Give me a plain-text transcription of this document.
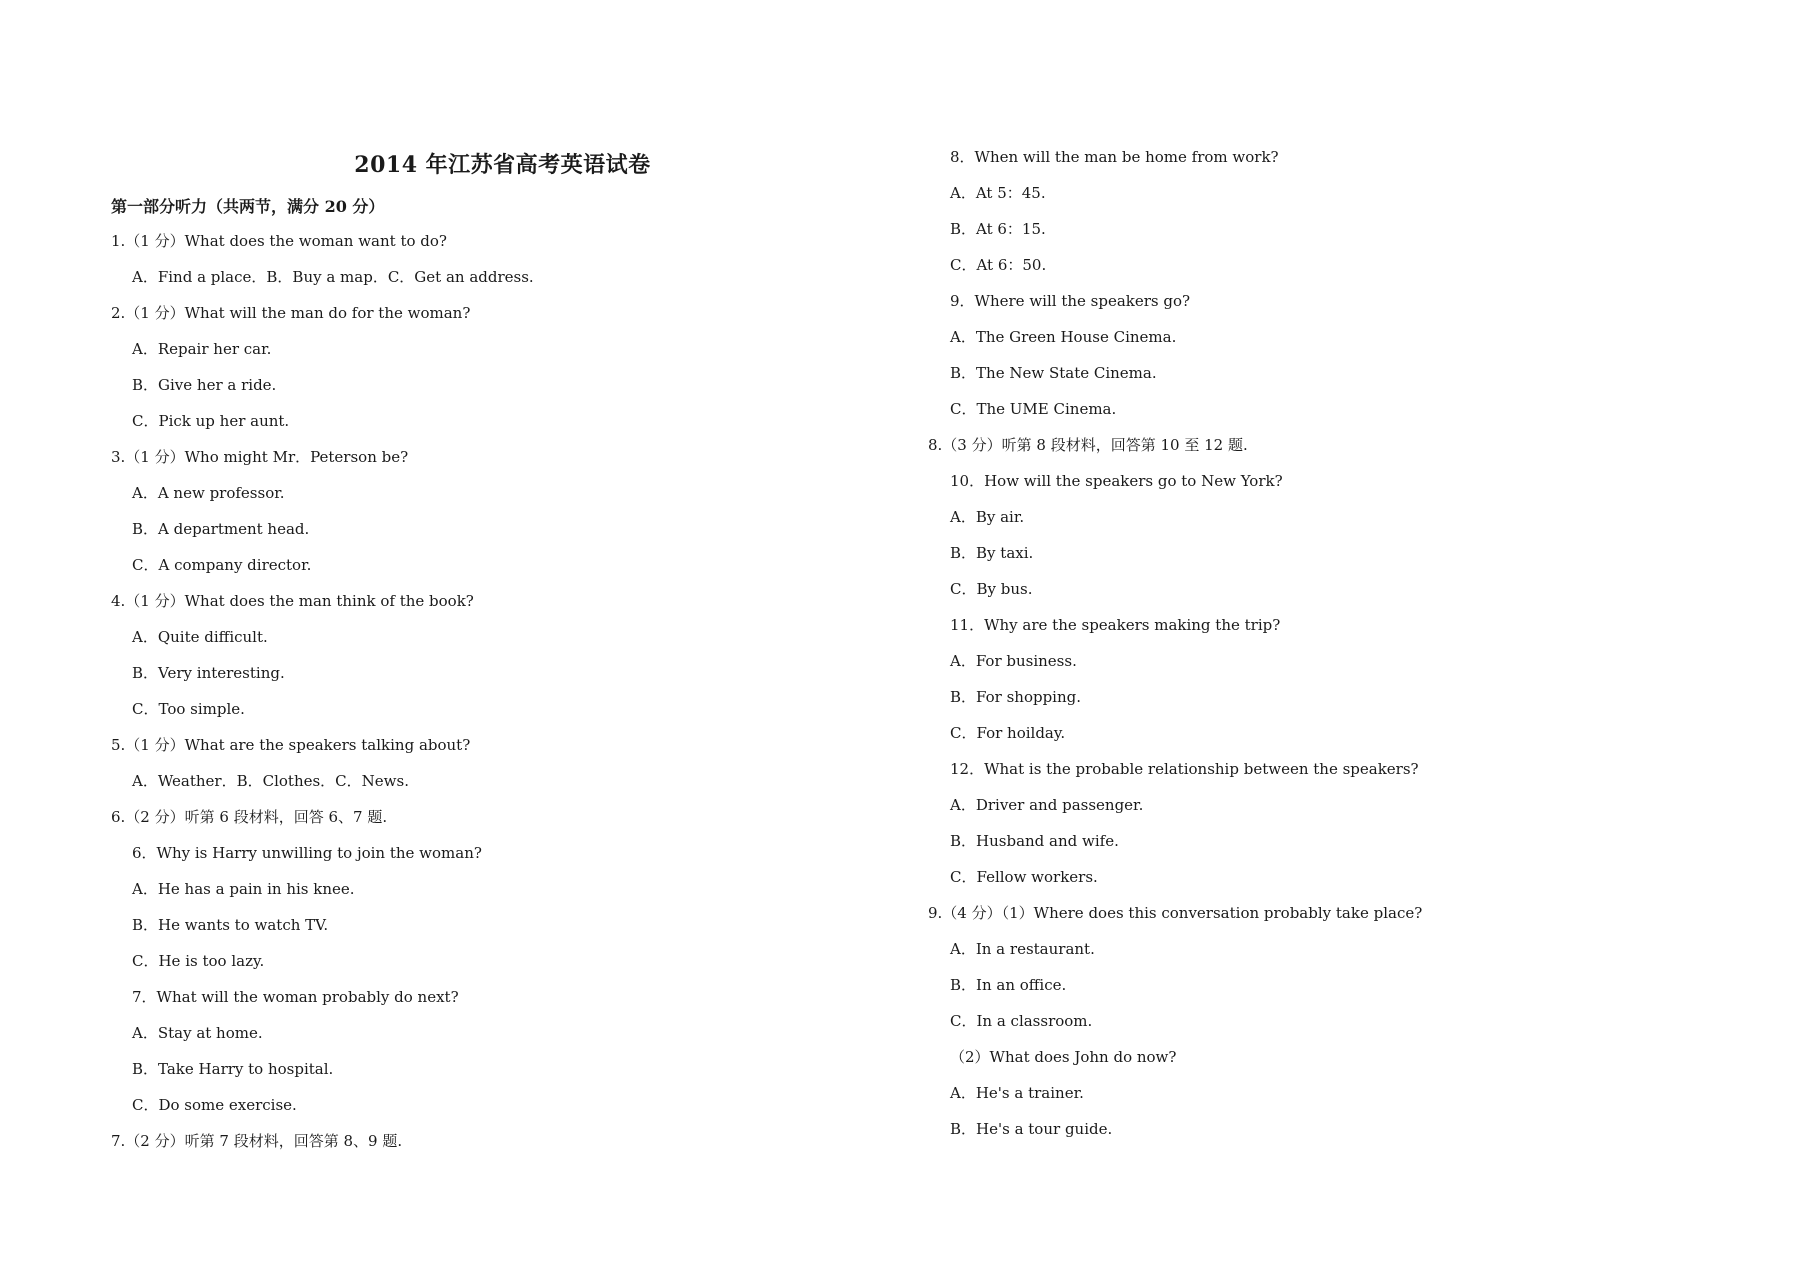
2014 年江苏省高考英语试卷
第一部分听力（共两节，满分 20 分）
1.（1 分）What does the woman want to do?
A．Find a place．B．Buy a map．C．Get an address.
2.（1 分）What will the man do for the woman?
A．Repair her car.
B．Give her a ride.
C．Pick up her aunt.
3.（1 分）Who might Mr．Peterson be?
A．A new professor.
B．A department head.
C．A company director.
4.（1 分）What does the man think of the book?
A．Quite difficult.
B．Very interesting.
C．Too simple.
5.（1 分）What are the speakers talking about?
A．Weather．B．Clothes．C．News.
6.（2 分）听第 6 段材料，回答 6、7 题.
6．Why is Harry unwilling to join the woman?
A．He has a pain in his knee.
B．He wants to watch TV.
C．He is too lazy.
7．What will the woman probably do next?
A．Stay at home.
B．Take Harry to hospital.
C．Do some exercise.
7.（2 分）听第 7 段材料，回答第 8、9 题.
8．When will the man be home from work?
A．At 5：45.
B．At 6：15.
C．At 6：50.
9．Where will the speakers go?
A．The Green House Cinema.
B．The New State Cinema.
C．The UME Cinema.
8.（3 分）听第 8 段材料，回答第 10 至 12 题.
10．How will the speakers go to New York?
A．By air.
B．By taxi.
C．By bus.
11．Why are the speakers making the trip?
A．For business.
B．For shopping.
C．For hoilday.
12．What is the probable relationship between the speakers?
A．Driver and passenger.
B．Husband and wife.
C．Fellow workers.
9.（4 分）（1）Where does this conversation probably take place?
A．In a restaurant.
B．In an office.
C．In a classroom.
（2）What does John do now?
A．He's a trainer.
B．He's a tour guide.
